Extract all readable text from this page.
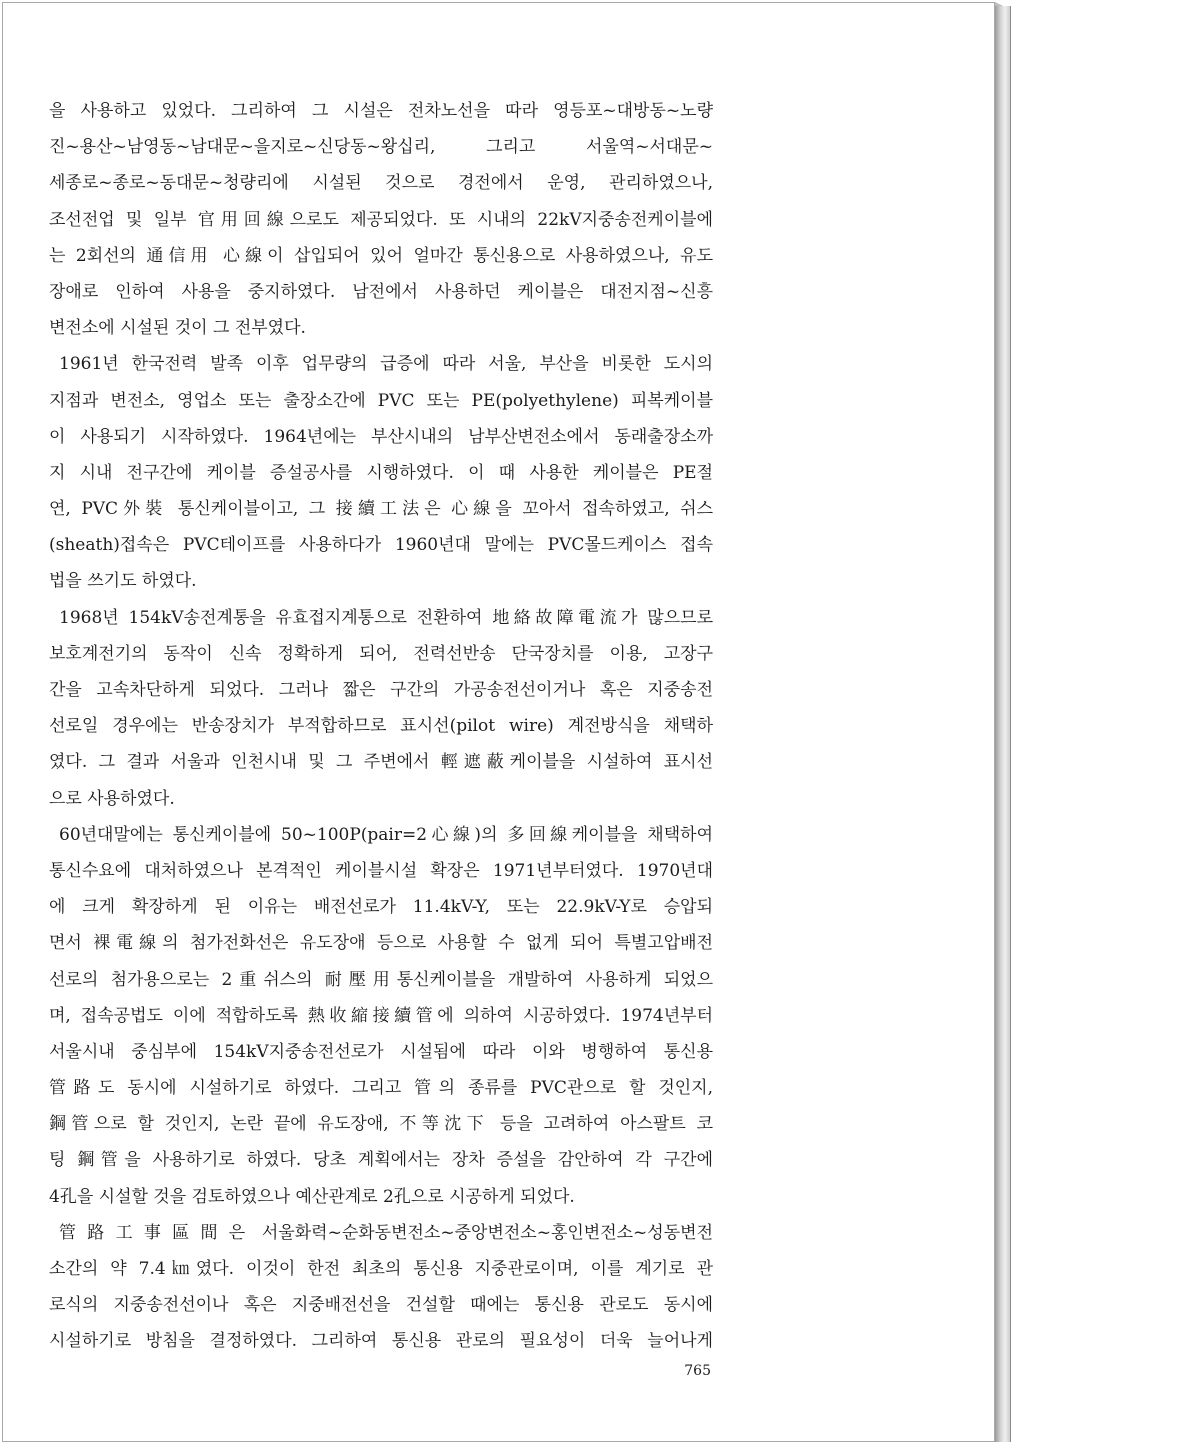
을 사용하고 있었다. 그리하여 그 시설은 전차노선을 따라 영등포~대방동~노량
진~용산~남영동~남대문~을지로~신당동~왕십리, 그리고 서울역~서대문~
세종로~종로~동대문~청량리에 시설된 것으로 경전에서 운영, 관리하였으나,
조선전업 및 일부 官用回線으로도 제공되었다. 또 시내의 22kV지중송전케이블에
는 2회선의 通信用 心線이 삽입되어 있어 얼마간 통신용으로 사용하였으나, 유도
장애로 인하여 사용을 중지하였다. 남전에서 사용하던 케이블은 대전지점~신흥
변전소에 시설된 것이 그 전부였다.
1961년 한국전력 발족 이후 업무량의 급증에 따라 서울, 부산을 비롯한 도시의
지점과 변전소, 영업소 또는 출장소간에 PVC 또는 PE(polyethylene) 피복케이블
이 사용되기 시작하였다. 1964년에는 부산시내의 남부산변전소에서 동래출장소까
지 시내 전구간에 케이블 증설공사를 시행하였다. 이 때 사용한 케이블은 PE절
연, PVC外裝 통신케이블이고, 그 接續工法은 心線을 꼬아서 접속하였고, 쉬스
(sheath)접속은 PVC테이프를 사용하다가 1960년대 말에는 PVC몰드케이스 접속
법을 쓰기도 하였다.
1968년 154kV송전계통을 유효접지계통으로 전환하여 地絡故障電流가 많으므로
보호계전기의 동작이 신속 정확하게 되어, 전력선반송 단국장치를 이용, 고장구
간을 고속차단하게 되었다. 그러나 짧은 구간의 가공송전선이거나 혹은 지중송전
선로일 경우에는 반송장치가 부적합하므로 표시선(pilot wire) 계전방식을 채택하
였다. 그 결과 서울과 인천시내 및 그 주변에서 輕遮蔽케이블을 시설하여 표시선
으로 사용하였다.
60년대말에는 통신케이블에 50~100P(pair=2心線)의 多回線케이블을 채택하여
통신수요에 대처하였으나 본격적인 케이블시설 확장은 1971년부터였다. 1970년대
에 크게 확장하게 된 이유는 배전선로가 11.4kV-Y, 또는 22.9kV-Y로 승압되
면서 裸電線의 첨가전화선은 유도장애 등으로 사용할 수 없게 되어 특별고압배전
선로의 첨가용으로는 2重쉬스의 耐壓用통신케이블을 개발하여 사용하게 되었으
며, 접속공법도 이에 적합하도록 熱收縮接續管에 의하여 시공하였다. 1974년부터
서울시내 중심부에 154kV지중송전선로가 시설됨에 따라 이와 병행하여 통신용
管路도 동시에 시설하기로 하였다. 그리고 管의 종류를 PVC관으로 할 것인지,
鋼管으로 할 것인지, 논란 끝에 유도장애, 不等沈下 등을 고려하여 아스팔트 코
팅 鋼管을 사용하기로 하였다. 당초 계획에서는 장차 증설을 감안하여 각 구간에
4孔을 시설할 것을 검토하였으나 예산관계로 2孔으로 시공하게 되었다.
管路工事區間은 서울화력~순화동변전소~중앙변전소~홍인변전소~성동변전
소간의 약 7.4㎞였다. 이것이 한전 최초의 통신용 지중관로이며, 이를 계기로 관
로식의 지중송전선이나 혹은 지중배전선을 건설할 때에는 통신용 관로도 동시에
시설하기로 방침을 결정하였다. 그리하여 통신용 관로의 필요성이 더욱 늘어나게
765
